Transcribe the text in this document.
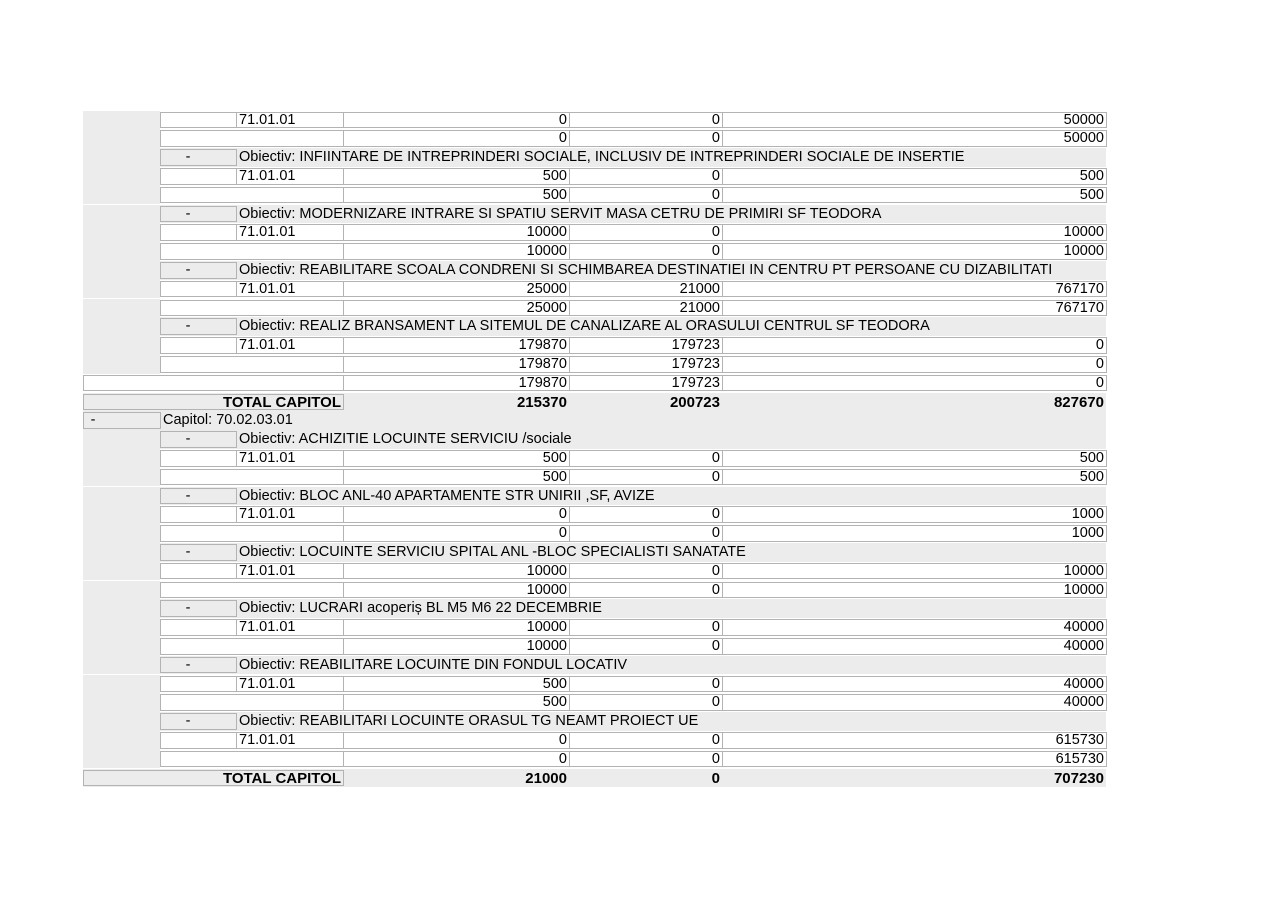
71.01.01	0	0	50000
0	0	50000
-	Obiectiv: INFIINTARE DE INTREPRINDERI SOCIALE, INCLUSIV DE INTREPRINDERI SOCIALE DE INSERTIE
71.01.01	500	0	500
500	0	500
-	Obiectiv: MODERNIZARE INTRARE SI SPATIU SERVIT MASA CETRU DE PRIMIRI SF TEODORA
71.01.01	10000	0	10000
10000	0	10000
-	Obiectiv: REABILITARE SCOALA CONDRENI SI SCHIMBAREA DESTINATIEI IN CENTRU PT PERSOANE CU DIZABILITATI
71.01.01	25000	21000	767170
25000	21000	767170
-	Obiectiv: REALIZ BRANSAMENT LA SITEMUL DE CANALIZARE AL ORASULUI CENTRUL SF TEODORA
71.01.01	179870	179723	0
179870	179723	0
179870	179723	0
TOTAL CAPITOL	215370	200723	827670
-	Capitol: 70.02.03.01
-	Obiectiv: ACHIZITIE LOCUINTE SERVICIU /sociale
71.01.01	500	0	500
500	0	500
-	Obiectiv: BLOC ANL-40 APARTAMENTE STR UNIRII ,SF, AVIZE
71.01.01	0	0	1000
0	0	1000
-	Obiectiv: LOCUINTE SERVICIU SPITAL ANL -BLOC SPECIALISTI SANATATE
71.01.01	10000	0	10000
10000	0	10000
-	Obiectiv: LUCRARI acoperiș BL M5 M6 22 DECEMBRIE
71.01.01	10000	0	40000
10000	0	40000
-	Obiectiv: REABILITARE LOCUINTE DIN FONDUL LOCATIV
71.01.01	500	0	40000
500	0	40000
-	Obiectiv: REABILITARI LOCUINTE ORASUL TG NEAMT PROIECT UE
71.01.01	0	0	615730
0	0	615730
TOTAL CAPITOL	21000	0	707230
